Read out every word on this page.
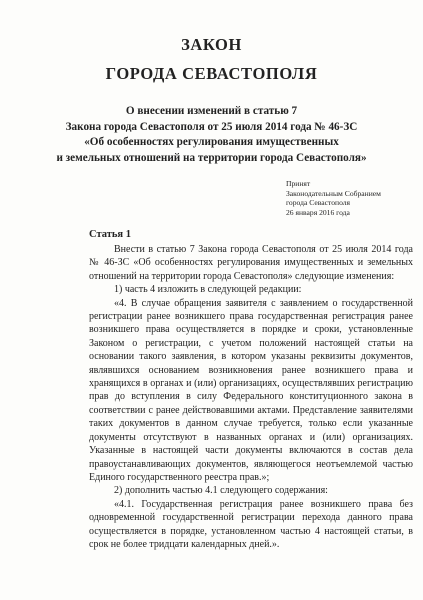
ЗАКОН
ГОРОДА СЕВАСТОПОЛЯ
О внесении изменений в статью 7
Закона города Севастополя от 25 июля 2014 года № 46-ЗС
«Об особенностях регулирования имущественных
и земельных отношений на территории города Севастополя»
Принят
Законодательным Собранием
города Севастополя
26 января 2016 года
Статья 1

Внести в статью 7 Закона города Севастополя от 25 июля 2014 года № 46-ЗС «Об особенностях регулирования имущественных и земельных отношений на территории города Севастополя» следующие изменения:

1) часть 4 изложить в следующей редакции:

«4. В случае обращения заявителя с заявлением о государственной регистрации ранее возникшего права государственная регистрация ранее возникшего права осуществляется в порядке и сроки, установленные Законом о регистрации, с учетом положений настоящей статьи на основании такого заявления, в котором указаны реквизиты документов, являвшихся основанием возникновения ранее возникшего права и хранящихся в органах и (или) организациях, осуществлявших регистрацию прав до вступления в силу Федерального конституционного закона в соответствии с ранее действовавшими актами. Представление заявителями таких документов в данном случае требуется, только если указанные документы отсутствуют в названных органах и (или) организациях. Указанные в настоящей части документы включаются в состав дела правоустанавливающих документов, являющегося неотъемлемой частью Единого государственного реестра прав.»;

2) дополнить частью 4.1 следующего содержания:

«4.1. Государственная регистрация ранее возникшего права без одновременной государственной регистрации перехода данного права осуществляется в порядке, установленном частью 4 настоящей статьи, в срок не более тридцати календарных дней.».
